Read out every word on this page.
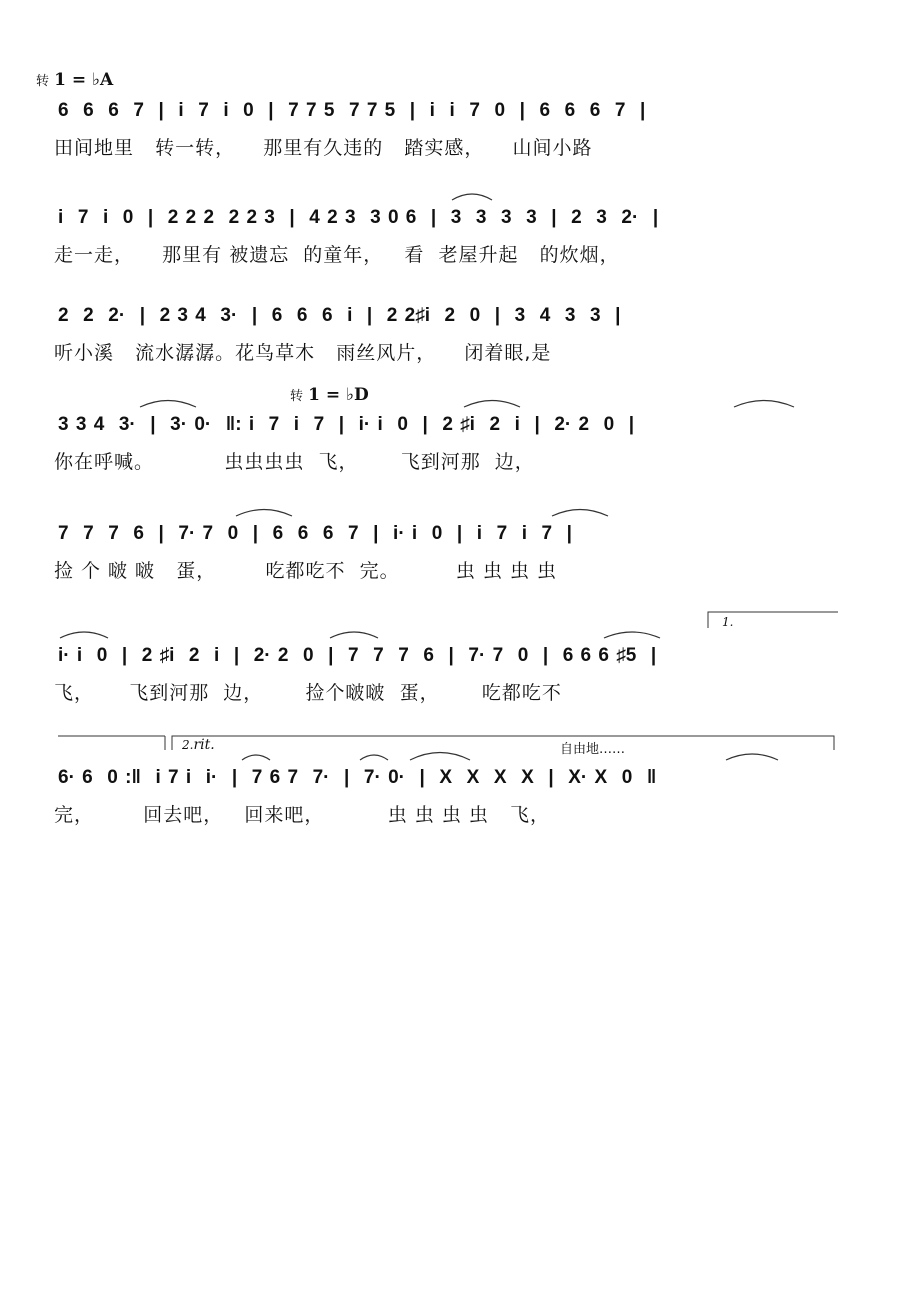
转 1 = ♭A
转 1 = ♭D
6  6  6  7  |  i  7  i  0  |  7 7 5  7 7 5  |  i  i  7  0  |  6  6  6  7  |
田间地里   转一转，    那里有久违的   踏实感，    山间小路
i  7  i  0  |  2 2 2  2 2 3  |  4 2 3  3 0 6  |  3  3  3  3  |  2  3  2·  |
走一走，    那里有 被遗忘  的童年，   看  老屋升起   的炊烟，
2  2  2·  |  2 3 4  3·  |  6  6  6  i  |  2 2♯i  2  0  |  3  4  3  3  |
听小溪   流水潺潺。花鸟草木   雨丝风片，    闭着眼,是
3 3 4  3·  |  3· 0·  ‖: i  7  i  7  |  i· i  0  |  2 ♯i  2  i  |  2· 2  0  |
你在呼喊。          虫虫虫虫  飞，      飞到河那  边，
7  7  7  6  |  7· 7  0  |  6  6  6  7  |  i· i  0  |  i  7  i  7  |
捡 个 啵 啵   蛋，       吃都吃不  完。        虫 虫 虫 虫
1.
i· i  0  |  2 ♯i  2  i  |  2· 2  0  |  7  7  7  6  |  7· 7  0  |  6 6 6 ♯5  |
飞，     飞到河那  边，      捡个啵啵  蛋，      吃都吃不
2.rit.	自由地……
6· 6  0 :‖  i 7 i  i·  |  7 6 7  7·  |  7· 0·  |  X  X  X  X  |  X· X  0  ‖
完，       回去吧，   回来吧，         虫 虫 虫 虫   飞，
